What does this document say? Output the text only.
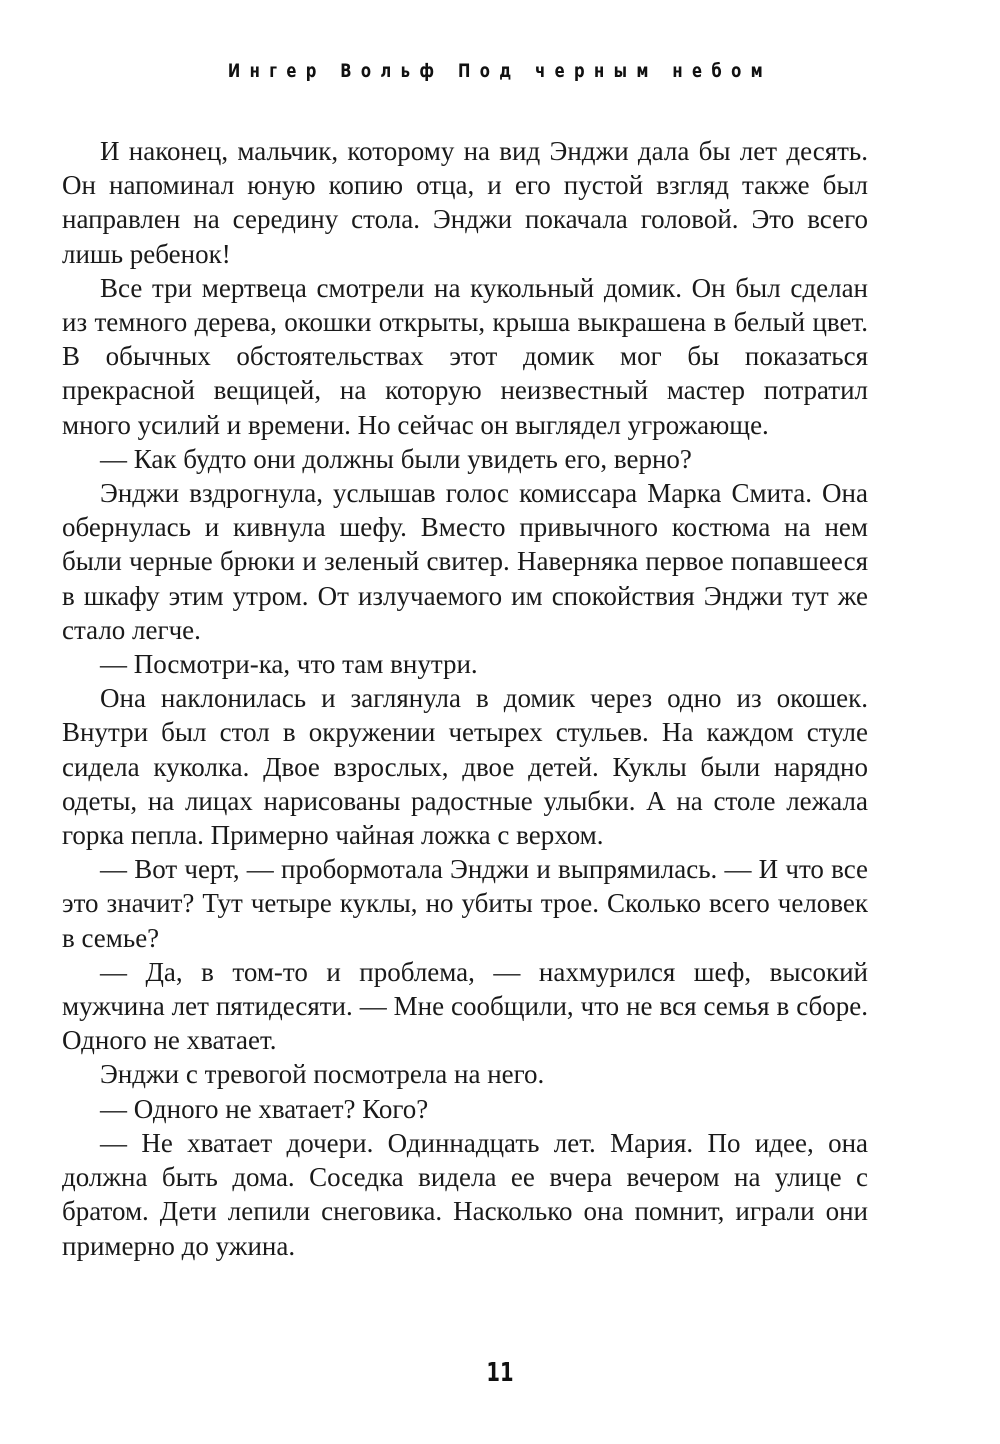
Ингер Вольф Под черным небом

И наконец, мальчик, которому на вид Энджи дала бы лет десять. Он напоминал юную копию отца, и его пустой взгляд также был направлен на середину стола. Энджи покачала головой. Это всего лишь ребенок!

Все три мертвеца смотрели на кукольный домик. Он был сделан из темного дерева, окошки открыты, крыша выкрашена в белый цвет. В обычных обстоятельствах этот домик мог бы показаться прекрасной вещицей, на которую неизвестный мастер потратил много усилий и времени. Но сейчас он выглядел угрожающе.

— Как будто они должны были увидеть его, верно?

Энджи вздрогнула, услышав голос комиссара Марка Смита. Она обернулась и кивнула шефу. Вместо привычного костюма на нем были черные брюки и зеленый свитер. Наверняка первое попавшееся в шкафу этим утром. От излучаемого им спокойствия Энджи тут же стало легче.

— Посмотри-ка, что там внутри.

Она наклонилась и заглянула в домик через одно из окошек. Внутри был стол в окружении четырех стульев. На каждом стуле сидела куколка. Двое взрослых, двое детей. Куклы были нарядно одеты, на лицах нарисованы радостные улыбки. А на столе лежала горка пепла. Примерно чайная ложка с верхом.

— Вот черт, — пробормотала Энджи и выпрямилась. — И что все это значит? Тут четыре куклы, но убиты трое. Сколько всего человек в семье?

— Да, в том-то и проблема, — нахмурился шеф, высокий мужчина лет пятидесяти. — Мне сообщили, что не вся семья в сборе. Одного не хватает.

Энджи с тревогой посмотрела на него.

— Одного не хватает? Кого?

— Не хватает дочери. Одиннадцать лет. Мария. По идее, она должна быть дома. Соседка видела ее вчера вечером на улице с братом. Дети лепили снеговика. Насколько она помнит, играли они примерно до ужина.

11
